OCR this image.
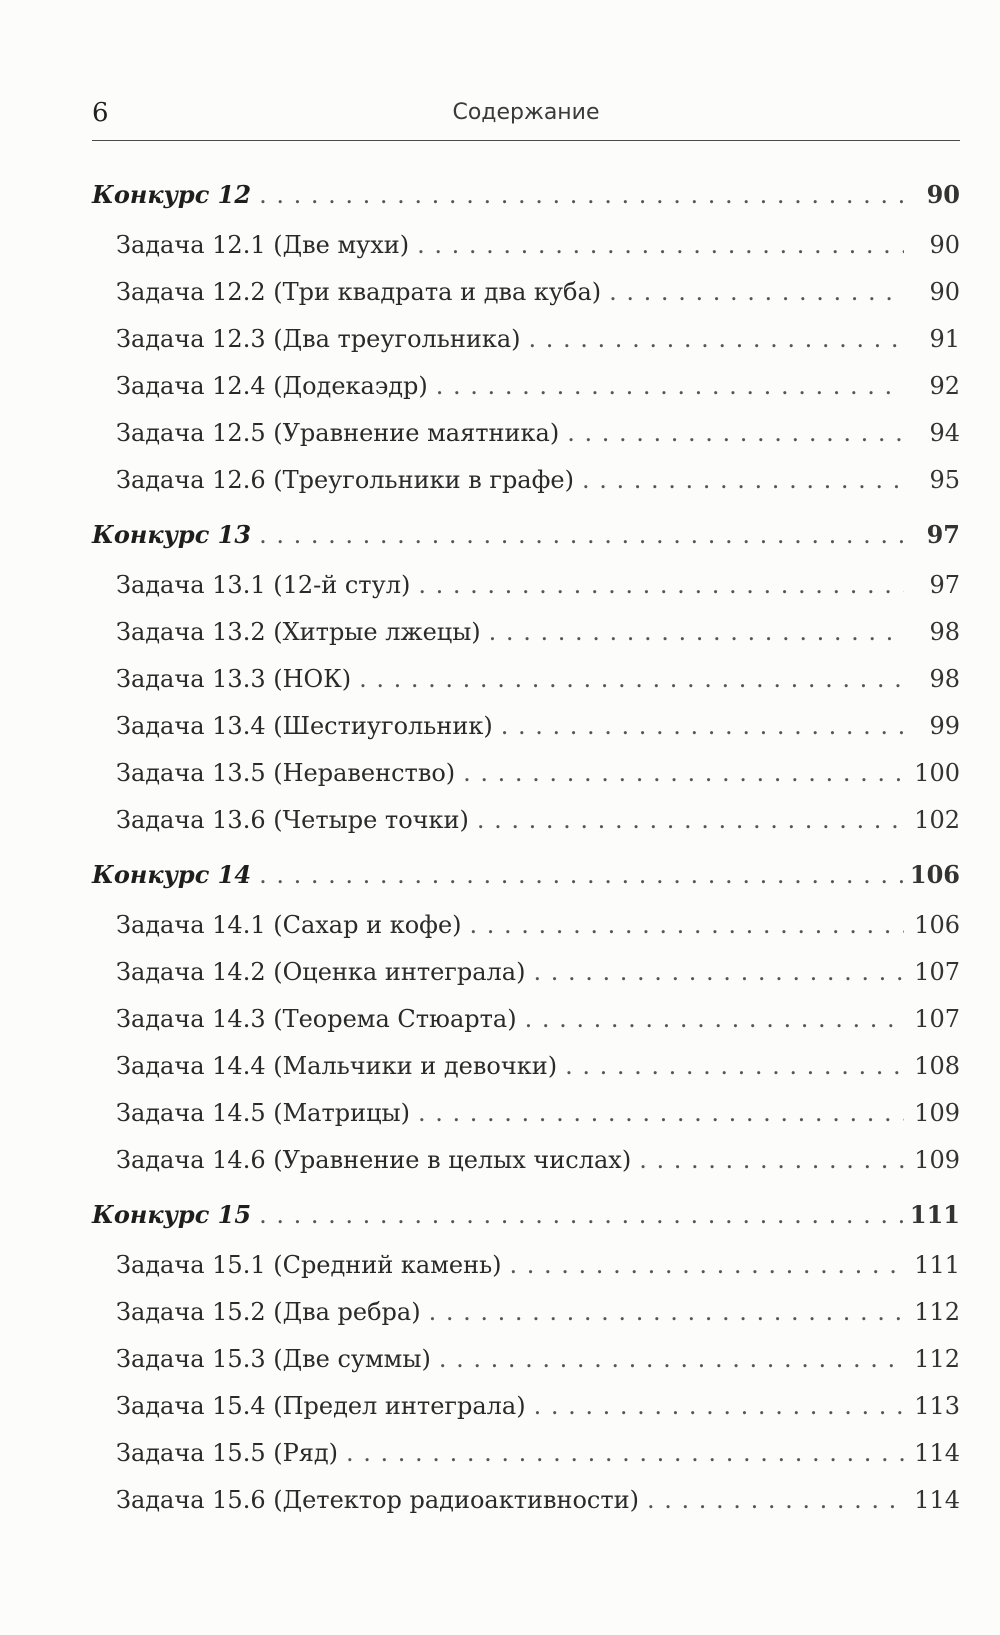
6	Содержание
Конкурс 12 . . .	90
Задача 12.1 (Две мухи) . . .	90
Задача 12.2 (Три квадрата и два куба) . . .	90
Задача 12.3 (Два треугольника) . . .	91
Задача 12.4 (Додекаэдр) . . .	92
Задача 12.5 (Уравнение маятника) . . .	94
Задача 12.6 (Треугольники в графе) . . .	95
Конкурс 13 . . .	97
Задача 13.1 (12-й стул) . . .	97
Задача 13.2 (Хитрые лжецы) . . .	98
Задача 13.3 (НОК) . . .	98
Задача 13.4 (Шестиугольник) . . .	99
Задача 13.5 (Неравенство) . . .	100
Задача 13.6 (Четыре точки) . . .	102
Конкурс 14 . . .	106
Задача 14.1 (Сахар и кофе) . . .	106
Задача 14.2 (Оценка интеграла) . . .	107
Задача 14.3 (Теорема Стюарта) . . .	107
Задача 14.4 (Мальчики и девочки) . . .	108
Задача 14.5 (Матрицы) . . .	109
Задача 14.6 (Уравнение в целых числах) . . .	109
Конкурс 15 . . .	111
Задача 15.1 (Средний камень) . . .	111
Задача 15.2 (Два ребра) . . .	112
Задача 15.3 (Две суммы) . . .	112
Задача 15.4 (Предел интеграла) . . .	113
Задача 15.5 (Ряд) . . .	114
Задача 15.6 (Детектор радиоактивности) . . .	114
